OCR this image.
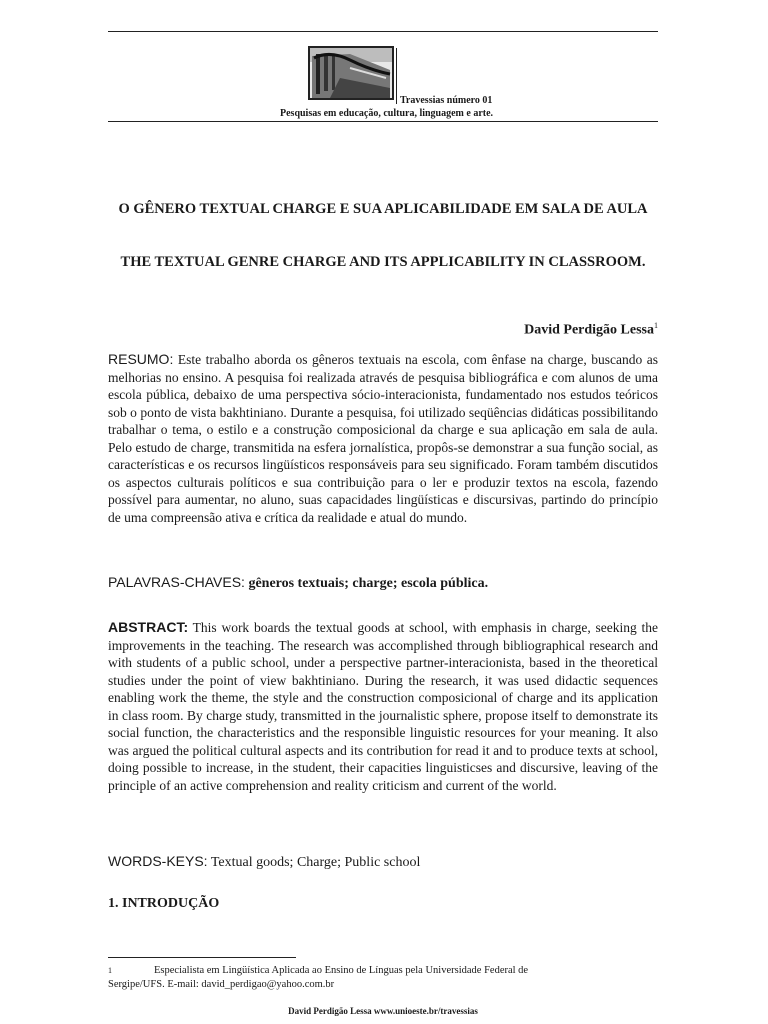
Travessias número 01
Pesquisas em educação, cultura, linguagem e arte.
O GÊNERO TEXTUAL CHARGE E SUA APLICABILIDADE EM SALA DE AULA
THE TEXTUAL GENRE CHARGE AND ITS APPLICABILITY IN CLASSROOM.
David Perdigão Lessa$^1$
RESUMO: Este trabalho aborda os gêneros textuais na escola, com ênfase na charge, buscando as melhorias no ensino. A pesquisa foi realizada através de pesquisa bibliográfica e com alunos de uma escola pública, debaixo de uma perspectiva sócio-interacionista, fundamentado nos estudos teóricos sob o ponto de vista bakhtiniano. Durante a pesquisa, foi utilizado seqüências didáticas possibilitando trabalhar o tema, o estilo e a construção composicional da charge e sua aplicação em sala de aula. Pelo estudo de charge, transmitida na esfera jornalística, propôs-se demonstrar a sua função social, as características e os recursos lingüísticos responsáveis para seu significado. Foram também discutidos os aspectos culturais políticos e sua contribuição para o ler e produzir textos na escola, fazendo possível para aumentar, no aluno, suas capacidades lingüísticas e discursivas, partindo do princípio de uma compreensão ativa e crítica da realidade e atual do mundo.
PALAVRAS-CHAVES: gêneros textuais; charge; escola pública.
ABSTRACT: This work boards the textual goods at school, with emphasis in charge, seeking the improvements in the teaching. The research was accomplished through bibliographical research and with students of a public school, under a perspective partner-interacionista, based in the theoretical studies under the point of view bakhtiniano. During the research, it was used didactic sequences enabling work the theme, the style and the construction composicional of charge and its application in class room. By charge study, transmitted in the journalistic sphere, propose itself to demonstrate its social function, the characteristics and the responsible linguistic resources for your meaning. It also was argued the political cultural aspects and its contribution for read it and to produce texts at school, doing possible to increase, in the student, their capacities linguisticses and discursive, leaving of the principle of an active comprehension and reality criticism and current of the world.
WORDS-KEYS: Textual goods; Charge; Public school
1. INTRODUÇÃO
$^1$	Especialista em Lingüística Aplicada ao Ensino de Línguas pela Universidade Federal de
Sergipe/UFS. E-mail: david_perdigao@yahoo.com.br
David Perdigão Lessa www.unioeste.br/travessias
